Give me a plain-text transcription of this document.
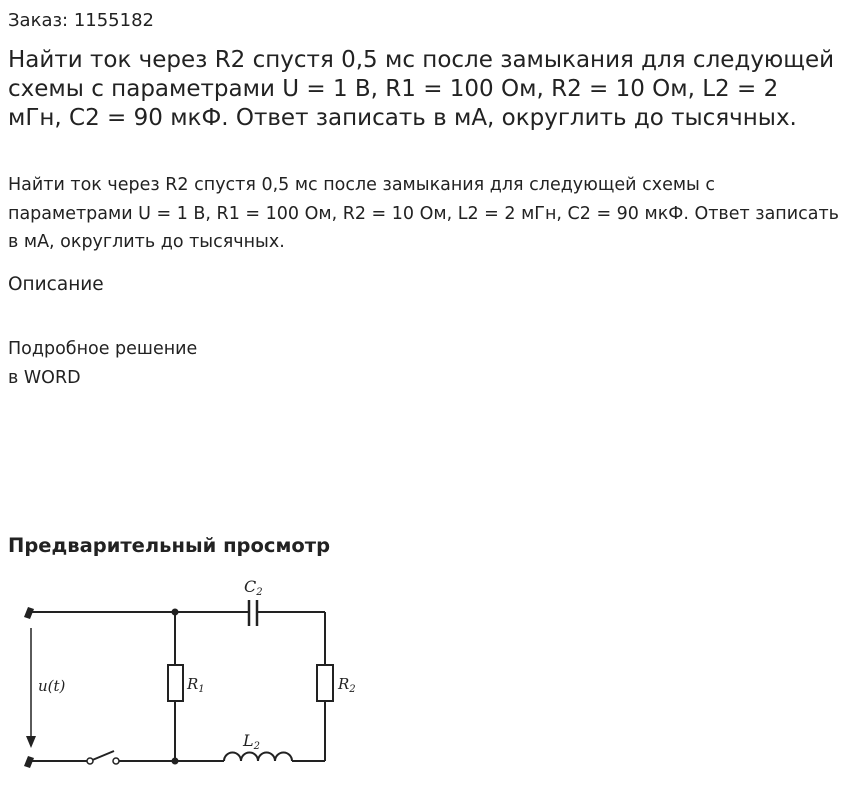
Заказ: 1155182
Найти ток через R2 спустя 0,5 мс после замыкания для следующей схемы с параметрами U = 1 В, R1 = 100 Ом, R2 = 10 Ом, L2 = 2 мГн, C2 = 90 мкФ. Ответ записать в мА, округлить до тысячных.

Найти ток через R2 спустя 0,5 мс после замыкания для следующей схемы с параметрами U = 1 В, R1 = 100 Ом, R2 = 10 Ом, L2 = 2 мГн, C2 = 90 мкФ. Ответ записать в мА, округлить до тысячных.

Описание
Подробное решение
в WORD
Предварительный просмотр
u(t)
C2
$R_1$	$R_2$
L2
